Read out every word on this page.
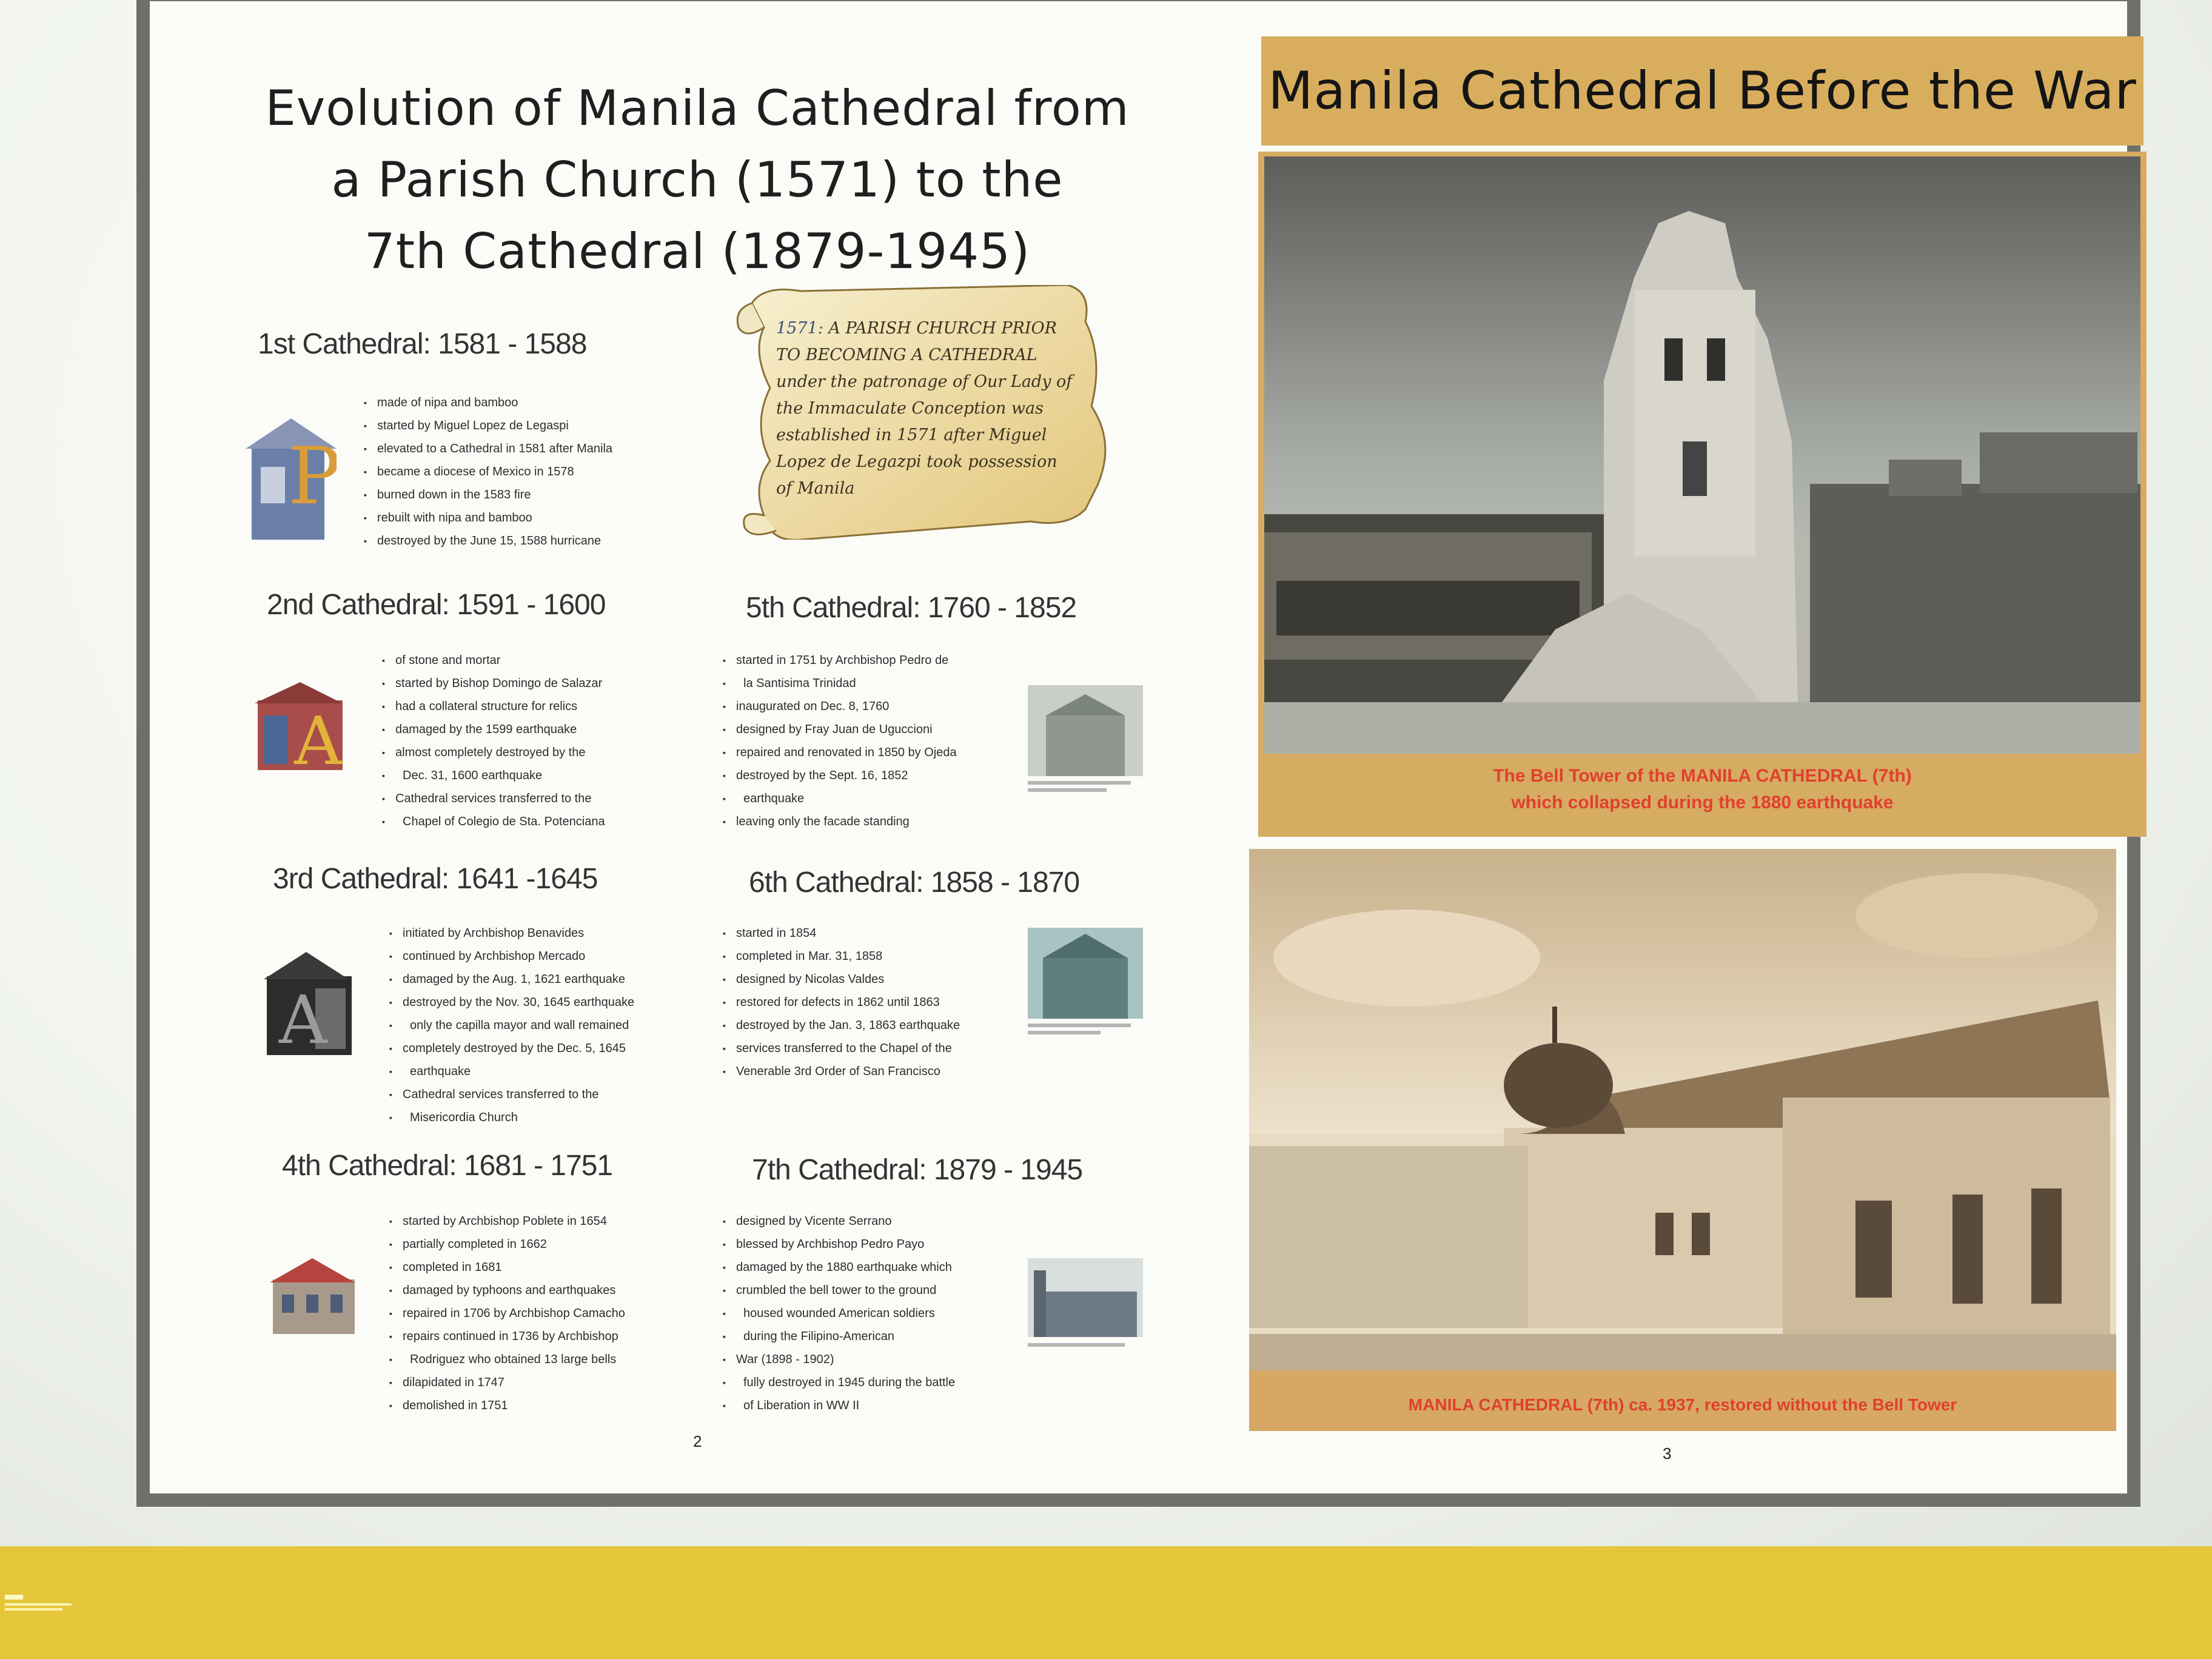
Evolution of Manila Cathedral from
a Parish Church (1571) to the
7th Cathedral (1879-1945)
1571: A PARISH CHURCH PRIOR
TO BECOMING A CATHEDRAL
under the patronage of Our Lady of
the Immaculate Conception was
established in 1571 after Miguel
Lopez de Legazpi took possession
of Manila
1st Cathedral: 1581 - 1588
P
▪ made of nipa and bamboo
▪ started by Miguel Lopez de Legaspi
▪ elevated to a Cathedral in 1581 after Manila
▪ became a diocese of Mexico in 1578
▪ burned down in the 1583 fire
▪ rebuilt with nipa and bamboo
▪ destroyed by the June 15, 1588 hurricane
2nd Cathedral: 1591 - 1600
A
▪ of stone and mortar
▪ started by Bishop Domingo de Salazar
▪ had a collateral structure for relics
▪ damaged by the 1599 earthquake
▪ almost completely destroyed by the
▪ Dec. 31, 1600 earthquake
▪ Cathedral services transferred to the
▪ Chapel of Colegio de Sta. Potenciana
3rd Cathedral: 1641 -1645
A
▪ initiated by Archbishop Benavides
▪ continued by Archbishop Mercado
▪ damaged by the Aug. 1, 1621 earthquake
▪ destroyed by the Nov. 30, 1645 earthquake
▪ only the capilla mayor and wall remained
▪ completely destroyed by the Dec. 5, 1645
▪ earthquake
▪ Cathedral services transferred to the
▪ Misericordia Church
4th Cathedral: 1681 - 1751
▪ started by Archbishop Poblete in 1654
▪ partially completed in 1662
▪ completed in 1681
▪ damaged by typhoons and earthquakes
▪ repaired in 1706 by Archbishop Camacho
▪ repairs continued in 1736 by Archbishop
▪ Rodriguez who obtained 13 large bells
▪ dilapidated in 1747
▪ demolished in 1751
5th Cathedral: 1760 - 1852
▪ started in 1751 by Archbishop Pedro de
▪ la Santisima Trinidad
▪ inaugurated on Dec. 8, 1760
▪ designed by Fray Juan de Uguccioni
▪ repaired and renovated in 1850 by Ojeda
▪ destroyed by the Sept. 16, 1852
▪ earthquake
▪ leaving only the facade standing
6th Cathedral: 1858 - 1870
▪ started in 1854
▪ completed in Mar. 31, 1858
▪ designed by Nicolas Valdes
▪ restored for defects in 1862 until 1863
▪ destroyed by the Jan. 3, 1863 earthquake
▪ services transferred to the Chapel of the
▪ Venerable 3rd Order of San Francisco
7th Cathedral: 1879 - 1945
▪ designed by Vicente Serrano
▪ blessed by Archbishop Pedro Payo
▪ damaged by the 1880 earthquake which
▪ crumbled the bell tower to the ground
▪ housed wounded American soldiers
▪ during the Filipino-American
▪ War (1898 - 1902)
▪ fully destroyed in 1945 during the battle
▪ of Liberation in WW II
2
Manila Cathedral Before the War
The Bell Tower of the MANILA CATHEDRAL (7th)
which collapsed during the 1880 earthquake
MANILA CATHEDRAL (7th) ca. 1937, restored without the Bell Tower
3
